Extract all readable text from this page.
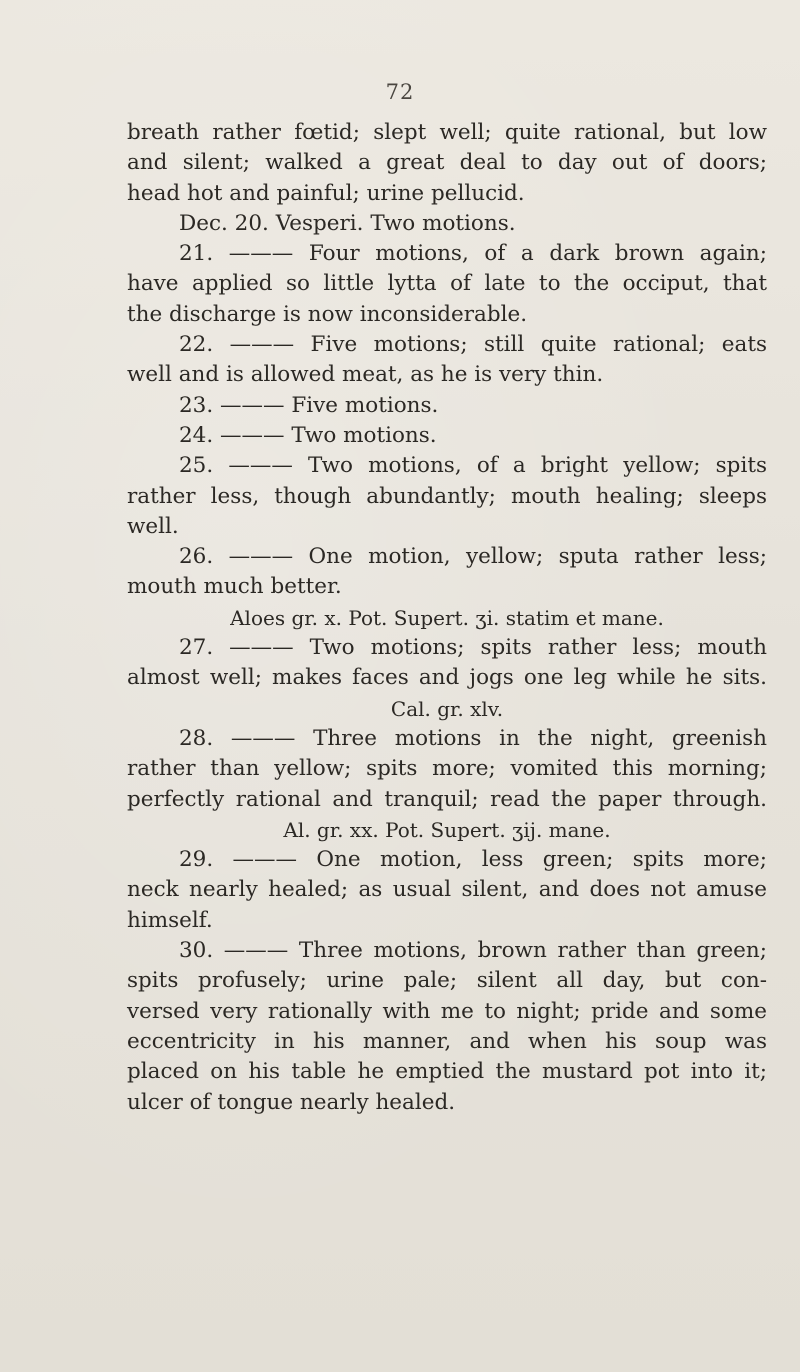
72
breath rather fœtid; slept well; quite rational, but low
and silent; walked a great deal to day out of doors;
head hot and painful; urine pellucid.
Dec. 20. Vesperi. Two motions.
21. ——— Four motions, of a dark brown again;
have applied so little lytta of late to the occiput, that
the discharge is now inconsiderable.
22. ——— Five motions; still quite rational; eats
well and is allowed meat, as he is very thin.
23. ——— Five motions.
24. ——— Two motions.
25. ——— Two motions, of a bright yellow; spits
rather less, though abundantly; mouth healing; sleeps
well.
26. ——— One motion, yellow; sputa rather less;
mouth much better.
Aloes gr. x. Pot. Supert. ʒi. statim et mane.
27. ——— Two motions; spits rather less; mouth
almost well; makes faces and jogs one leg while he sits.
Cal. gr. xlv.
28. ——— Three motions in the night, greenish
rather than yellow; spits more; vomited this morning;
perfectly rational and tranquil; read the paper through.
Al. gr. xx. Pot. Supert. ʒij. mane.
29. ——— One motion, less green; spits more;
neck nearly healed; as usual silent, and does not amuse
himself.
30. ——— Three motions, brown rather than green;
spits profusely; urine pale; silent all day, but con-
versed very rationally with me to night; pride and some
eccentricity in his manner, and when his soup was
placed on his table he emptied the mustard pot into it;
ulcer of tongue nearly healed.
